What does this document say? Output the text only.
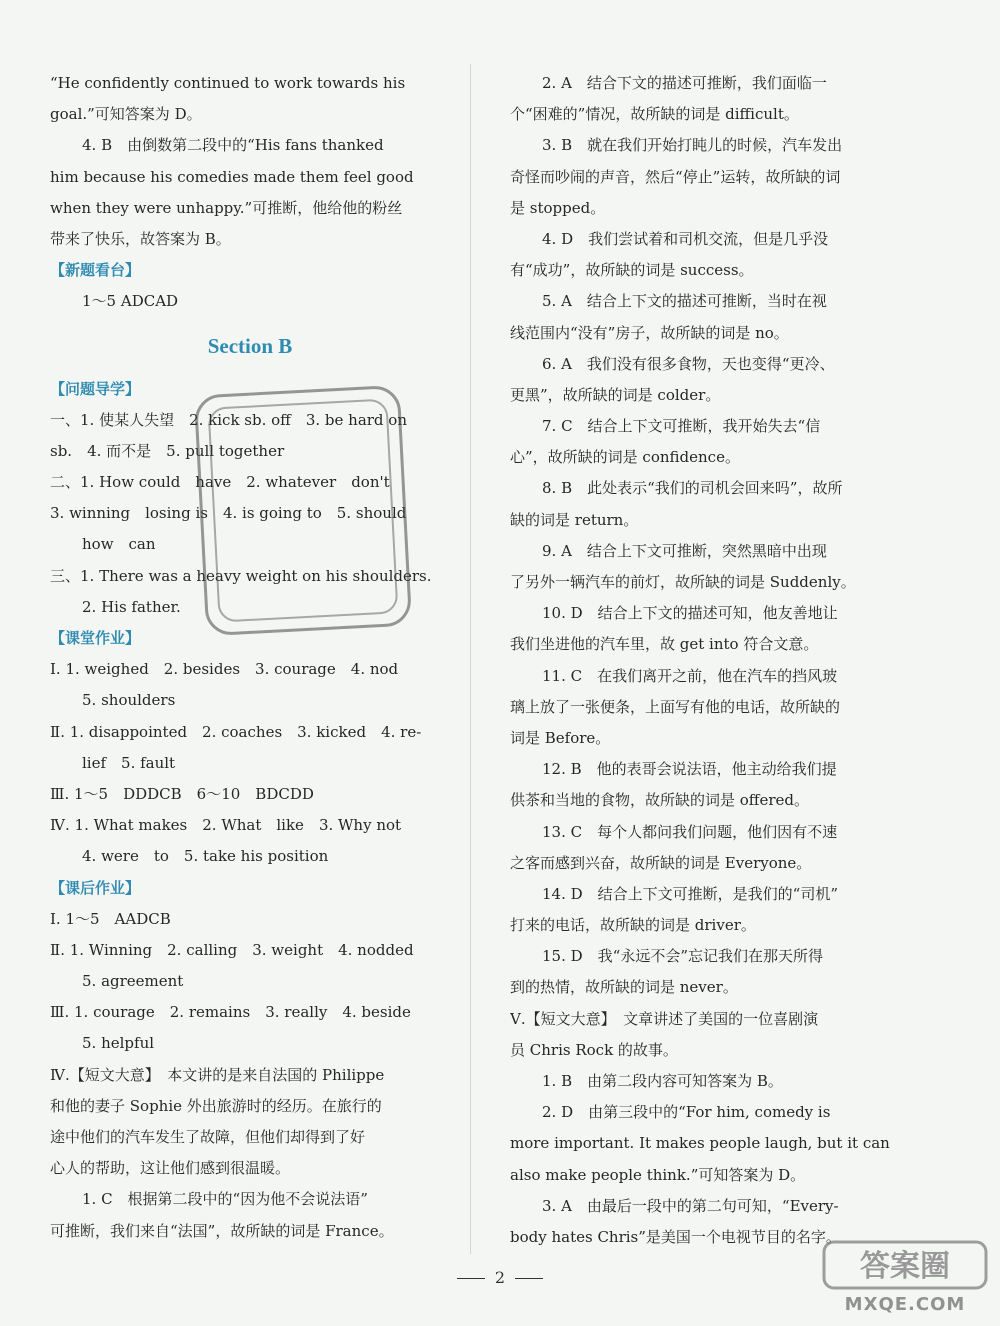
“He confidently continued to work towards his
goal.”可知答案为 D。
4. B　由倒数第二段中的“His fans thanked
him because his comedies made them feel good
when they were unhappy.”可推断，他给他的粉丝
带来了快乐，故答案为 B。
【新题看台】
1～5 ADCAD
Section B
【问题导学】
一、1. 使某人失望　2. kick sb. off　3. be hard on
sb.　4. 而不是　5. pull together
二、1. How could　have　2. whatever　don't
3. winning　losing is　4. is going to　5. should
how　can
三、1. There was a heavy weight on his shoulders.
2. His father.
【课堂作业】
Ⅰ. 1. weighed　2. besides　3. courage　4. nod
5. shoulders
Ⅱ. 1. disappointed　2. coaches　3. kicked　4. re-
lief　5. fault
Ⅲ. 1～5　DDDCB　6～10　BDCDD
Ⅳ. 1. What makes　2. What　like　3. Why not
4. were　to　5. take his position
【课后作业】
Ⅰ. 1～5　AADCB
Ⅱ. 1. Winning　2. calling　3. weight　4. nodded
5. agreement
Ⅲ. 1. courage　2. remains　3. really　4. beside
5. helpful
Ⅳ.【短文大意】　本文讲的是来自法国的 Philippe
和他的妻子 Sophie 外出旅游时的经历。在旅行的
途中他们的汽车发生了故障，但他们却得到了好
心人的帮助，这让他们感到很温暖。
1. C　根据第二段中的“因为他不会说法语”
可推断，我们来自“法国”，故所缺的词是 France。
2. A　结合下文的描述可推断，我们面临一
个“困难的”情况，故所缺的词是 difficult。
3. B　就在我们开始打盹儿的时候，汽车发出
奇怪而吵闹的声音，然后“停止”运转，故所缺的词
是 stopped。
4. D　我们尝试着和司机交流，但是几乎没
有“成功”，故所缺的词是 success。
5. A　结合上下文的描述可推断，当时在视
线范围内“没有”房子，故所缺的词是 no。
6. A　我们没有很多食物，天也变得“更冷、
更黑”，故所缺的词是 colder。
7. C　结合上下文可推断，我开始失去“信
心”，故所缺的词是 confidence。
8. B　此处表示“我们的司机会回来吗”，故所
缺的词是 return。
9. A　结合上下文可推断，突然黑暗中出现
了另外一辆汽车的前灯，故所缺的词是 Suddenly。
10. D　结合上下文的描述可知，他友善地让
我们坐进他的汽车里，故 get into 符合文意。
11. C　在我们离开之前，他在汽车的挡风玻
璃上放了一张便条，上面写有他的电话，故所缺的
词是 Before。
12. B　他的表哥会说法语，他主动给我们提
供茶和当地的食物，故所缺的词是 offered。
13. C　每个人都问我们问题，他们因有不速
之客而感到兴奋，故所缺的词是 Everyone。
14. D　结合上下文可推断，是我们的“司机”
打来的电话，故所缺的词是 driver。
15. D　我“永远不会”忘记我们在那天所得
到的热情，故所缺的词是 never。
Ⅴ.【短文大意】　文章讲述了美国的一位喜剧演
员 Chris Rock 的故事。
1. B　由第二段内容可知答案为 B。
2. D　由第三段中的“For him, comedy is
more important. It makes people laugh, but it can
also make people think.”可知答案为 D。
3. A　由最后一段中的第二句可知，“Every-
body hates Chris”是美国一个电视节目的名字。
2	答案圈
MXQE.COM
